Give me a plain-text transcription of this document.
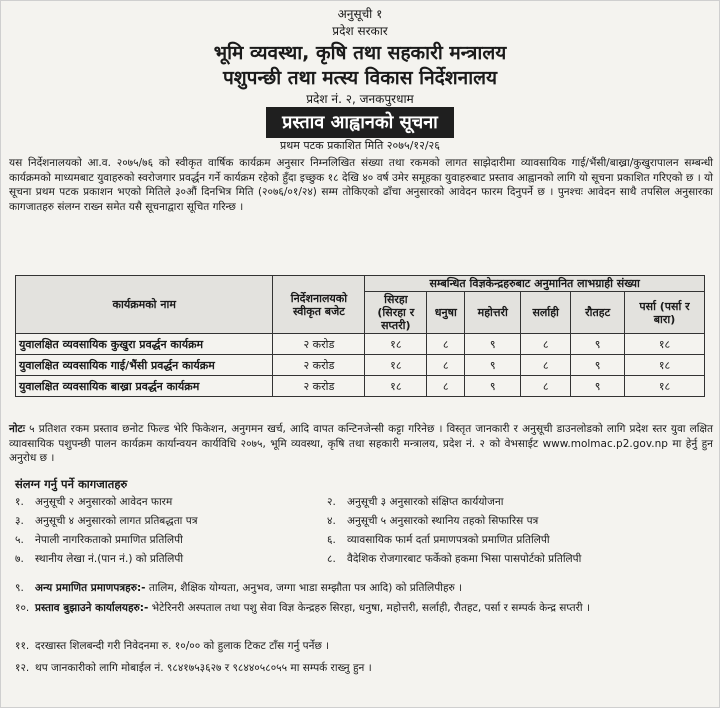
अनुसूची १
प्रदेश सरकार
भूमि व्यवस्था, कृषि तथा सहकारी मन्त्रालय
पशुपन्छी तथा मत्स्य विकास निर्देशनालय
प्रदेश नं. २, जनकपुरधाम
प्रस्ताव आह्वानको सूचना
प्रथम पटक प्रकाशित मिति २०७५/१२/२६
यस निर्देशनालयको आ.व. २०७५/७६ को स्वीकृत वार्षिक कार्यक्रम अनुसार निम्नलिखित संख्या तथा रकमको लागत साझेदारीमा व्यावसायिक गाई/भैंसी/बाख्रा/कुखुरापालन सम्बन्धी कार्यक्रमको माध्यमबाट युवाहरुको स्वरोजगार प्रवर्द्धन गर्ने कार्यक्रम रहेको हुँदा इच्छुक १८ देखि ४० वर्ष उमेर समूहका युवाहरुबाट प्रस्ताव आह्वानको लागि यो सूचना प्रकाशित गरिएको छ । यो सूचना प्रथम पटक प्रकाशन भएको मितिले ३०औं दिनभित्र मिति (२०७६/०१/२४) सम्म तोकिएको ढाँचा अनुसारको आवेदन फारम दिनुपर्ने छ । पुनश्चः आवेदन साथै तपसिल अनुसारका कागजातहरु संलग्न राख्न समेत यसै सूचनाद्वारा सूचित गरिन्छ ।
कार्यक्रमको नाम	निर्देशनालयको स्वीकृत बजेट	सम्बन्धित विज्ञकेन्द्रहरुबाट अनुमानित लाभग्राही संख्या					
		सिरहा (सिरहा र सप्तरी)	धनुषा	महोत्तरी	सर्लाही	रौतहट	पर्सा (पर्सा र बारा)
युवालक्षित व्यवसायिक कुखुरा प्रवर्द्धन कार्यक्रम	२ करोड	१८	८	९	८	९	१८
युवालक्षित व्यवसायिक गाई/भैंसी प्रवर्द्धन कार्यक्रम	२ करोड	१८	८	९	८	९	१८
युवालक्षित व्यवसायिक बाख्रा प्रवर्द्धन कार्यक्रम	२ करोड	१८	८	९	८	९	१८
नोटः ५ प्रतिशत रकम प्रस्ताव छनोट फिल्ड भेरि फिकेशन, अनुगमन खर्च, आदि वापत कन्टिनजेन्सी कट्टा गरिनेछ । विस्तृत जानकारी र अनुसूची डाउनलोडको लागि प्रदेश स्तर युवा लक्षित व्यावसायिक पशुपन्छी पालन कार्यक्रम कार्यान्वयन कार्यविधि २०७५, भूमि व्यवस्था, कृषि तथा सहकारी मन्त्रालय, प्रदेश नं. २ को वेभसाईट www.molmac.p2.gov.np मा हेर्नु हुन अनुरोध छ ।
संलग्न गर्नु पर्ने कागजातहरु
१. अनुसूची २ अनुसारको आवेदन फारम	२. अनुसूची ३ अनुसारको संक्षिप्त कार्ययोजना
३. अनुसूची ४ अनुसारको लागत प्रतिबद्धता पत्र	४. अनुसूची ५ अनुसारको स्थानिय तहको सिफारिस पत्र
५. नेपाली नागरिकताको प्रमाणित प्रतिलिपी	६. व्यावसायिक फार्म दर्ता प्रमाणपत्रको प्रमाणित प्रतिलिपी
७. स्थानीय लेखा नं.(पान नं.) को प्रतिलिपी	८. वैदेशिक रोजगारबाट फर्केको हकमा भिसा पासपोर्टको प्रतिलिपी
९. अन्य प्रमाणित प्रमाणपत्रहरु:- तालिम, शैक्षिक योग्यता, अनुभव, जग्गा भाडा सम्झौता पत्र आदि) को प्रतिलिपीहरु ।
१०. प्रस्ताव बुझाउने कार्यालयहरु:- भेटेरिनरी अस्पताल तथा पशु सेवा विज्ञ केन्द्रहरु सिरहा, धनुषा, महोत्तरी, सर्लाही, रौतहट, पर्सा र सम्पर्क केन्द्र सप्तरी ।
११. दरखास्त शिलबन्दी गरी निवेदनमा रु. १०/०० को हुलाक टिकट टाँस गर्नु पर्नेछ ।
१२. थप जानकारीको लागि मोबाईल नं. ९८४१७५३६२७ र ९८४४०५८०५५ मा सम्पर्क राख्नु हुन ।
